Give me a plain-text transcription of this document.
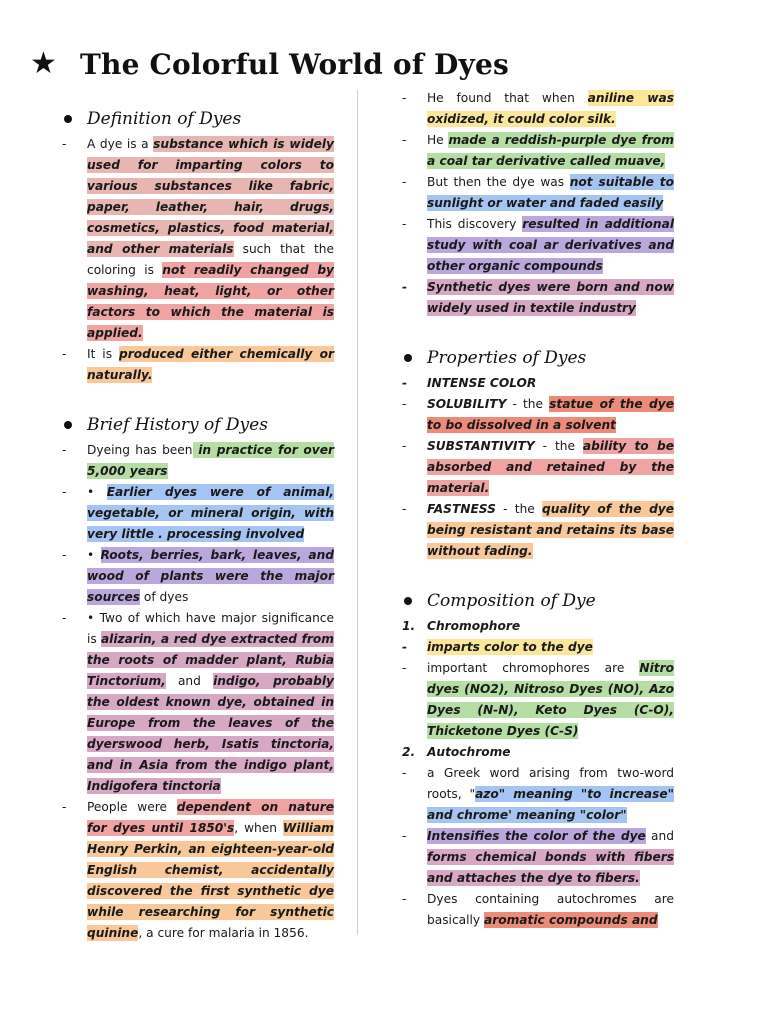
★ The Colorful World of Dyes
Definition of Dyes
-	A dye is a substance which is widely used for imparting colors to various substances like fabric, paper, leather, hair, drugs, cosmetics, plastics, food material, and other materials such that the coloring is not readily changed by washing, heat, light, or other factors to which the material is applied.
-	It is produced either chemically or naturally.
Brief History of Dyes
-	Dyeing has been in practice for over 5,000 years
-	• Earlier dyes were of animal, vegetable, or mineral origin, with very little . processing involved
-	• Roots, berries, bark, leaves, and wood of plants were the major sources of dyes
-	• Two of which have major significance is alizarin, a red dye extracted from the roots of madder plant, Rubia Tinctorium, and indigo, probably the oldest known dye, obtained in Europe from the leaves of the dyerswood herb, Isatis tinctoria, and in Asia from the indigo plant, Indigofera tinctoria
-	People were dependent on nature for dyes until 1850's, when William Henry Perkin, an eighteen-year-old English chemist, accidentally discovered the first synthetic dye while researching for synthetic quinine, a cure for malaria in 1856.
-	He found that when aniline was oxidized, it could color silk.
-	He made a reddish-purple dye from a coal tar derivative called muave,
-	But then the dye was not suitable to sunlight or water and faded easily
-	This discovery resulted in additional study with coal ar derivatives and other organic compounds
-	Synthetic dyes were born and now widely used in textile industry
Properties of Dyes
-	INTENSE COLOR
-	SOLUBILITY - the statue of the dye to bo dissolved in a solvent
-	SUBSTANTIVITY - the ability to be absorbed and retained by the material.
-	FASTNESS - the quality of the dye being resistant and retains its base without fading.
Composition of Dye
1. Chromophore
-	imparts color to the dye
-	important chromophores are Nitro dyes (NO2), Nitroso Dyes (NO), Azo Dyes (N-N), Keto Dyes (C-O), Thicketone Dyes (C-S)
2. Autochrome
-	a Greek word arising from two-word roots, "azo" meaning "to increase" and chrome' meaning "color"
-	Intensifies the color of the dye and forms chemical bonds with fibers and attaches the dye to fibers.
-	Dyes containing autochromes are basically aromatic compounds and
